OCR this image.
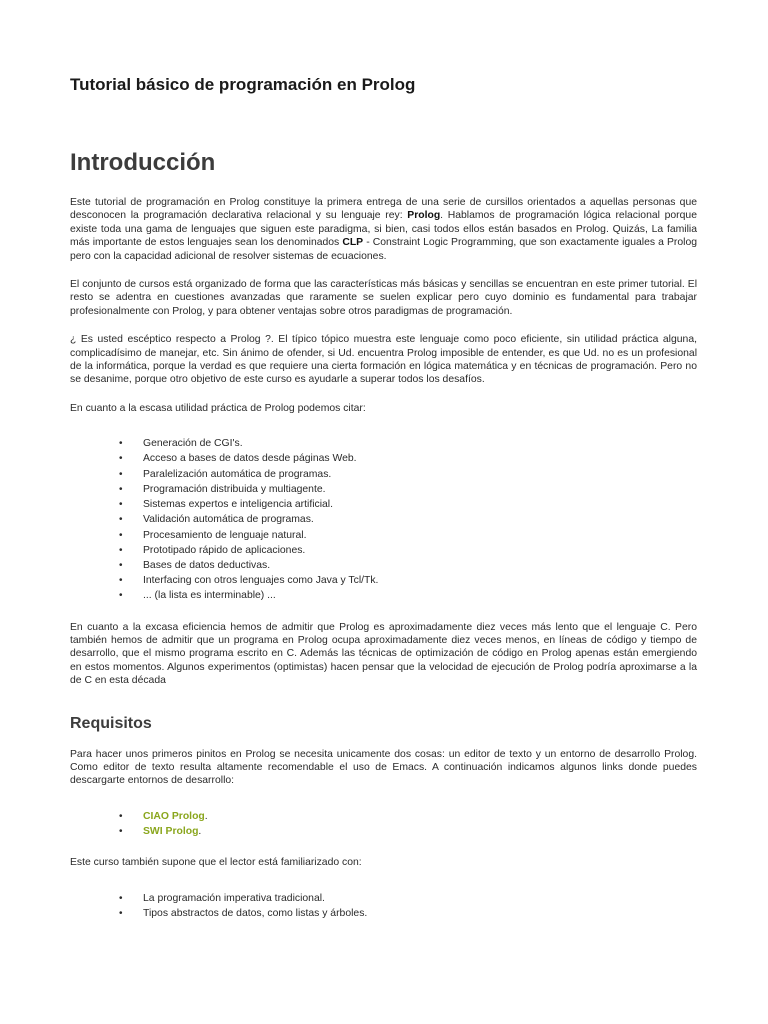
Tutorial básico de programación en Prolog
Introducción

Este tutorial de programación en Prolog constituye la primera entrega de una serie de cursillos orientados a aquellas personas que desconocen la programación declarativa relacional y su lenguaje rey: Prolog. Hablamos de programación lógica relacional porque existe toda una gama de lenguajes que siguen este paradigma, si bien, casi todos ellos están basados en Prolog. Quizás, La familia más importante de estos lenguajes sean los denominados CLP - Constraint Logic Programming, que son exactamente iguales a Prolog pero con la capacidad adicional de resolver sistemas de ecuaciones.

El conjunto de cursos está organizado de forma que las características más básicas y sencillas se encuentran en este primer tutorial. El resto se adentra en cuestiones avanzadas que raramente se suelen explicar pero cuyo dominio es fundamental para trabajar profesionalmente con Prolog, y para obtener ventajas sobre otros paradigmas de programación.

¿ Es usted escéptico respecto a Prolog ?. El típico tópico muestra este lenguaje como poco eficiente, sin utilidad práctica alguna, complicadísimo de manejar, etc. Sin ánimo de ofender, si Ud. encuentra Prolog imposible de entender, es que Ud. no es un profesional de la informática, porque la verdad es que requiere una cierta formación en lógica matemática y en técnicas de programación. Pero no se desanime, porque otro objetivo de este curso es ayudarle a superar todos los desafíos.

En cuanto a la escasa utilidad práctica de Prolog podemos citar:

• Generación de CGI's.
• Acceso a bases de datos desde páginas Web.
• Paralelización automática de programas.
• Programación distribuida y multiagente.
• Sistemas expertos e inteligencia artificial.
• Validación automática de programas.
• Procesamiento de lenguaje natural.
• Prototipado rápido de aplicaciones.
• Bases de datos deductivas.
• Interfacing con otros lenguajes como Java y Tcl/Tk.
• ... (la lista es interminable) ...

En cuanto a la excasa eficiencia hemos de admitir que Prolog es aproximadamente diez veces más lento que el lenguaje C. Pero también hemos de admitir que un programa en Prolog ocupa aproximadamente diez veces menos, en líneas de código y tiempo de desarrollo, que el mismo programa escrito en C. Además las técnicas de optimización de código en Prolog apenas están emergiendo en estos momentos. Algunos experimentos (optimistas) hacen pensar que la velocidad de ejecución de Prolog podría aproximarse a la de C en esta década

Requisitos

Para hacer unos primeros pinitos en Prolog se necesita unicamente dos cosas: un editor de texto y un entorno de desarrollo Prolog. Como editor de texto resulta altamente recomendable el uso de Emacs. A continuación indicamos algunos links donde puedes descargarte entornos de desarrollo:

• CIAO Prolog.
• SWI Prolog.

Este curso también supone que el lector está familiarizado con:

• La programación imperativa tradicional.
• Tipos abstractos de datos, como listas y árboles.
